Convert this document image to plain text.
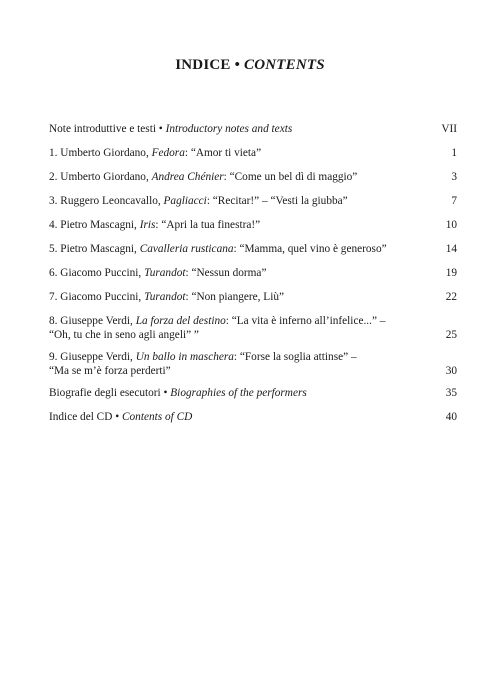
INDICE • CONTENTS
Note introduttive e testi • Introductory notes and texts	VII
1. Umberto Giordano, Fedora: “Amor ti vieta”	1
2. Umberto Giordano, Andrea Chénier: “Come un bel dì di maggio”	3
3. Ruggero Leoncavallo, Pagliacci: “Recitar!” – “Vesti la giubba”	7
4. Pietro Mascagni, Iris: “Apri la tua finestra!”	10
5. Pietro Mascagni, Cavalleria rusticana: “Mamma, quel vino è generoso”	14
6. Giacomo Puccini, Turandot: “Nessun dorma”	19
7. Giacomo Puccini, Turandot: “Non piangere, Liù”	22
8. Giuseppe Verdi, La forza del destino: “La vita è inferno all’infelice...” –
“Oh, tu che in seno agli angeli” ”	25
9. Giuseppe Verdi, Un ballo in maschera: “Forse la soglia attinse” –
“Ma se m’è forza perderti”	30
Biografie degli esecutori • Biographies of the performers	35
Indice del CD • Contents of CD	40
